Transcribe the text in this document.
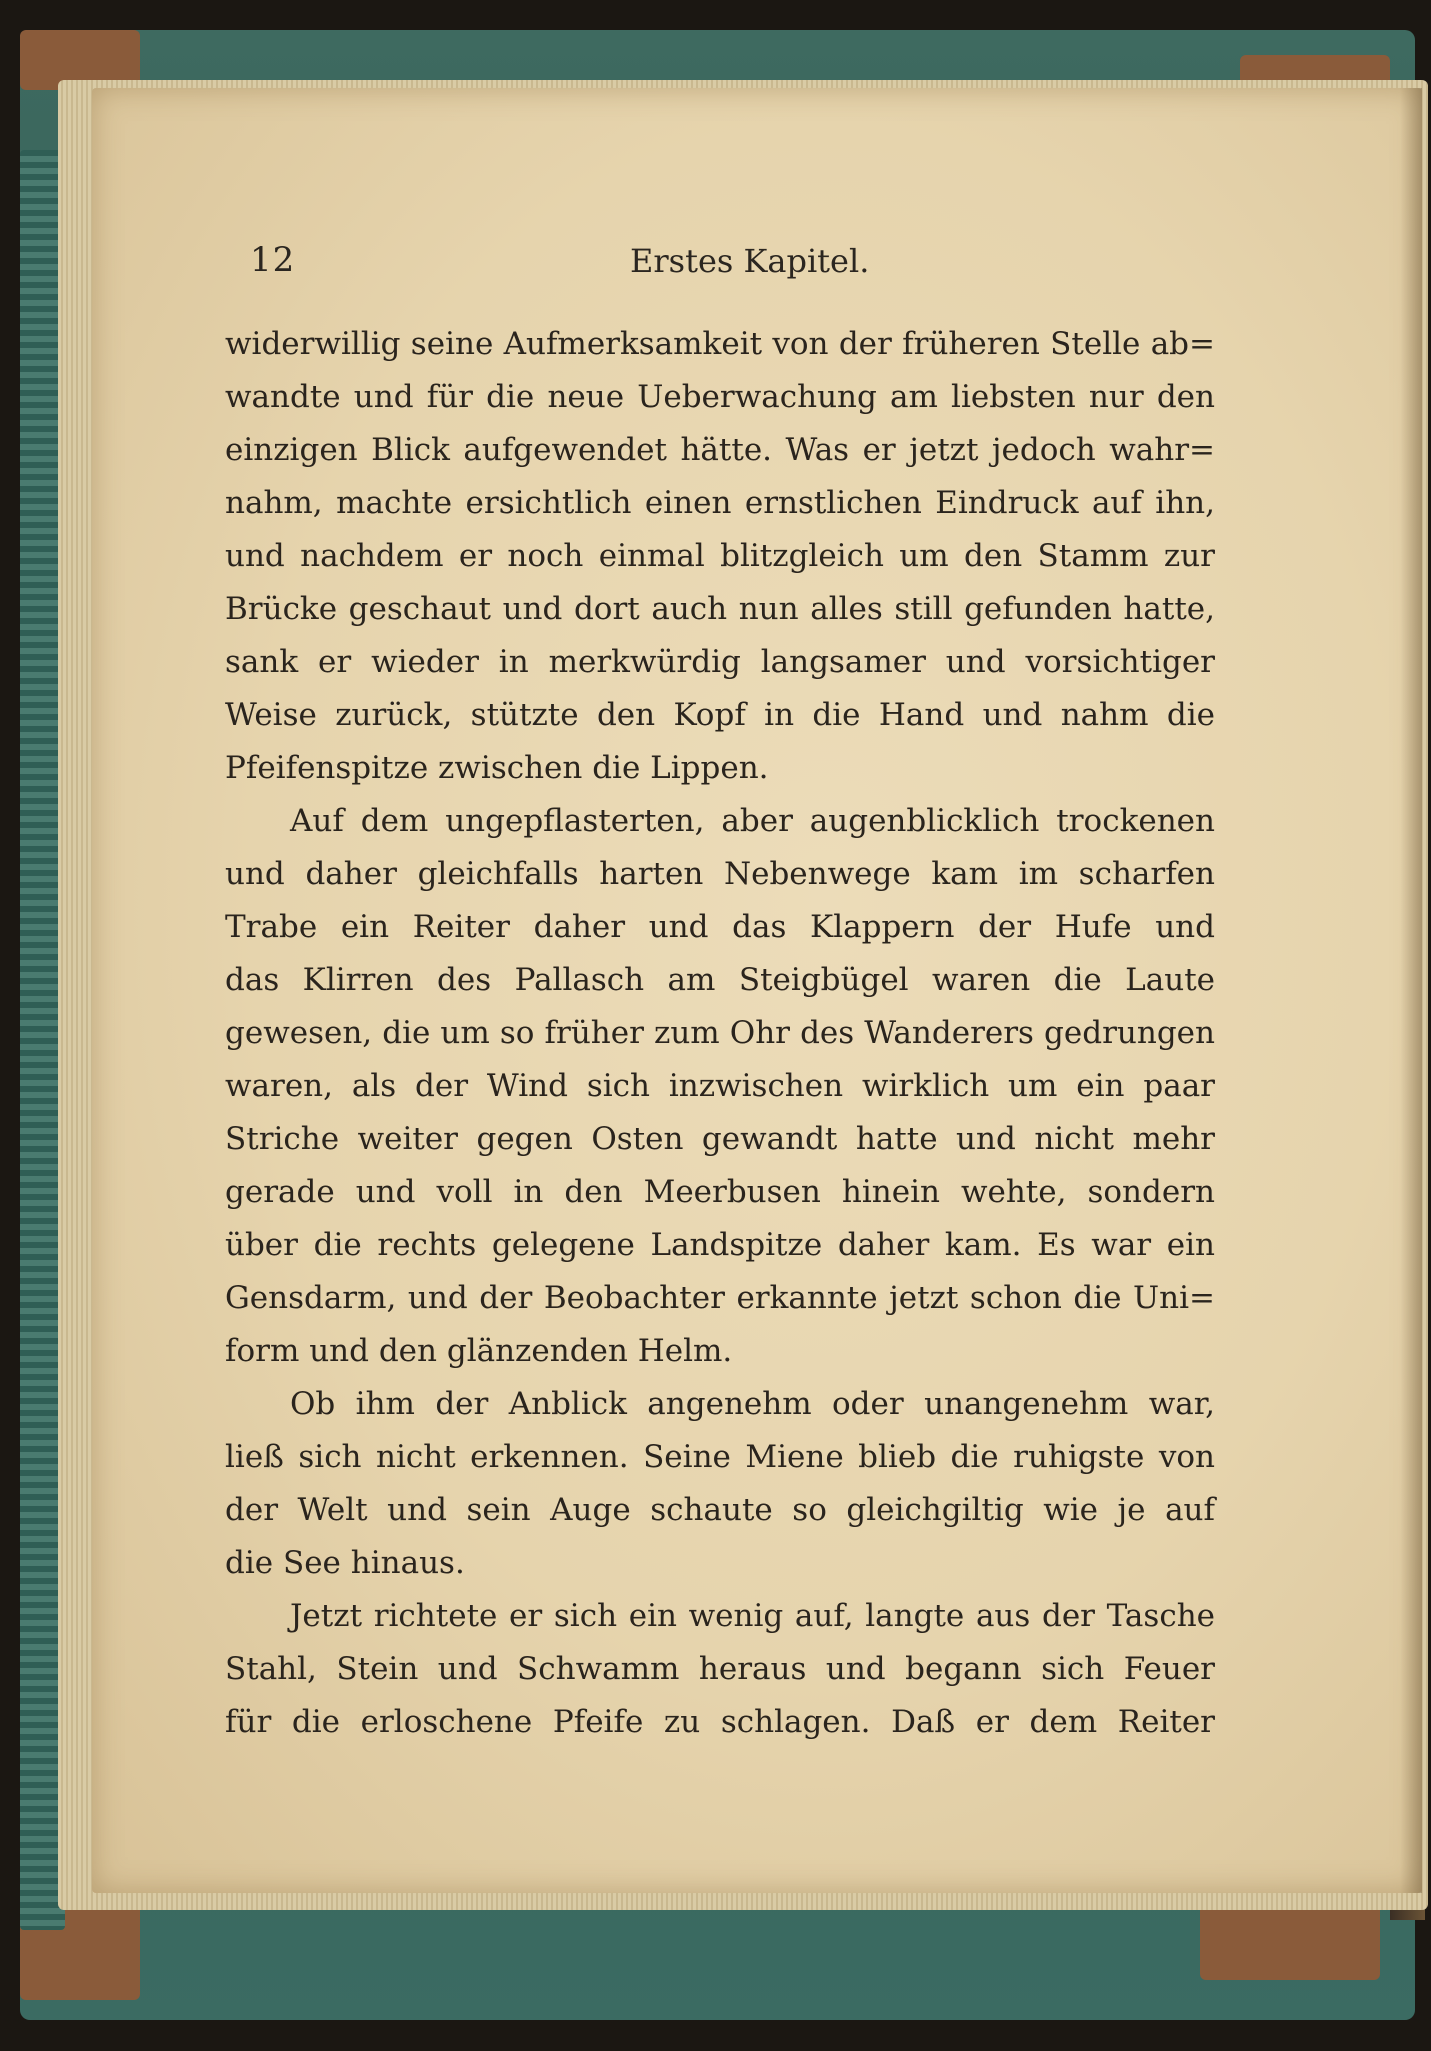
12	Erstes Kapitel.
widerwillig seine Aufmerksamkeit von der früheren Stelle ab=
wandte und für die neue Ueberwachung am liebsten nur den
einzigen Blick aufgewendet hätte. Was er jetzt jedoch wahr=
nahm, machte ersichtlich einen ernstlichen Eindruck auf ihn,
und nachdem er noch einmal blitzgleich um den Stamm zur
Brücke geschaut und dort auch nun alles still gefunden hatte,
sank er wieder in merkwürdig langsamer und vorsichtiger
Weise zurück, stützte den Kopf in die Hand und nahm die
Pfeifenspitze zwischen die Lippen.
Auf dem ungepflasterten, aber augenblicklich trockenen
und daher gleichfalls harten Nebenwege kam im scharfen
Trabe ein Reiter daher und das Klappern der Hufe und
das Klirren des Pallasch am Steigbügel waren die Laute
gewesen, die um so früher zum Ohr des Wanderers gedrungen
waren, als der Wind sich inzwischen wirklich um ein paar
Striche weiter gegen Osten gewandt hatte und nicht mehr
gerade und voll in den Meerbusen hinein wehte, sondern
über die rechts gelegene Landspitze daher kam. Es war ein
Gensdarm, und der Beobachter erkannte jetzt schon die Uni=
form und den glänzenden Helm.
Ob ihm der Anblick angenehm oder unangenehm war,
ließ sich nicht erkennen. Seine Miene blieb die ruhigste von
der Welt und sein Auge schaute so gleichgiltig wie je auf
die See hinaus.
Jetzt richtete er sich ein wenig auf, langte aus der Tasche
Stahl, Stein und Schwamm heraus und begann sich Feuer
für die erloschene Pfeife zu schlagen. Daß er dem Reiter
